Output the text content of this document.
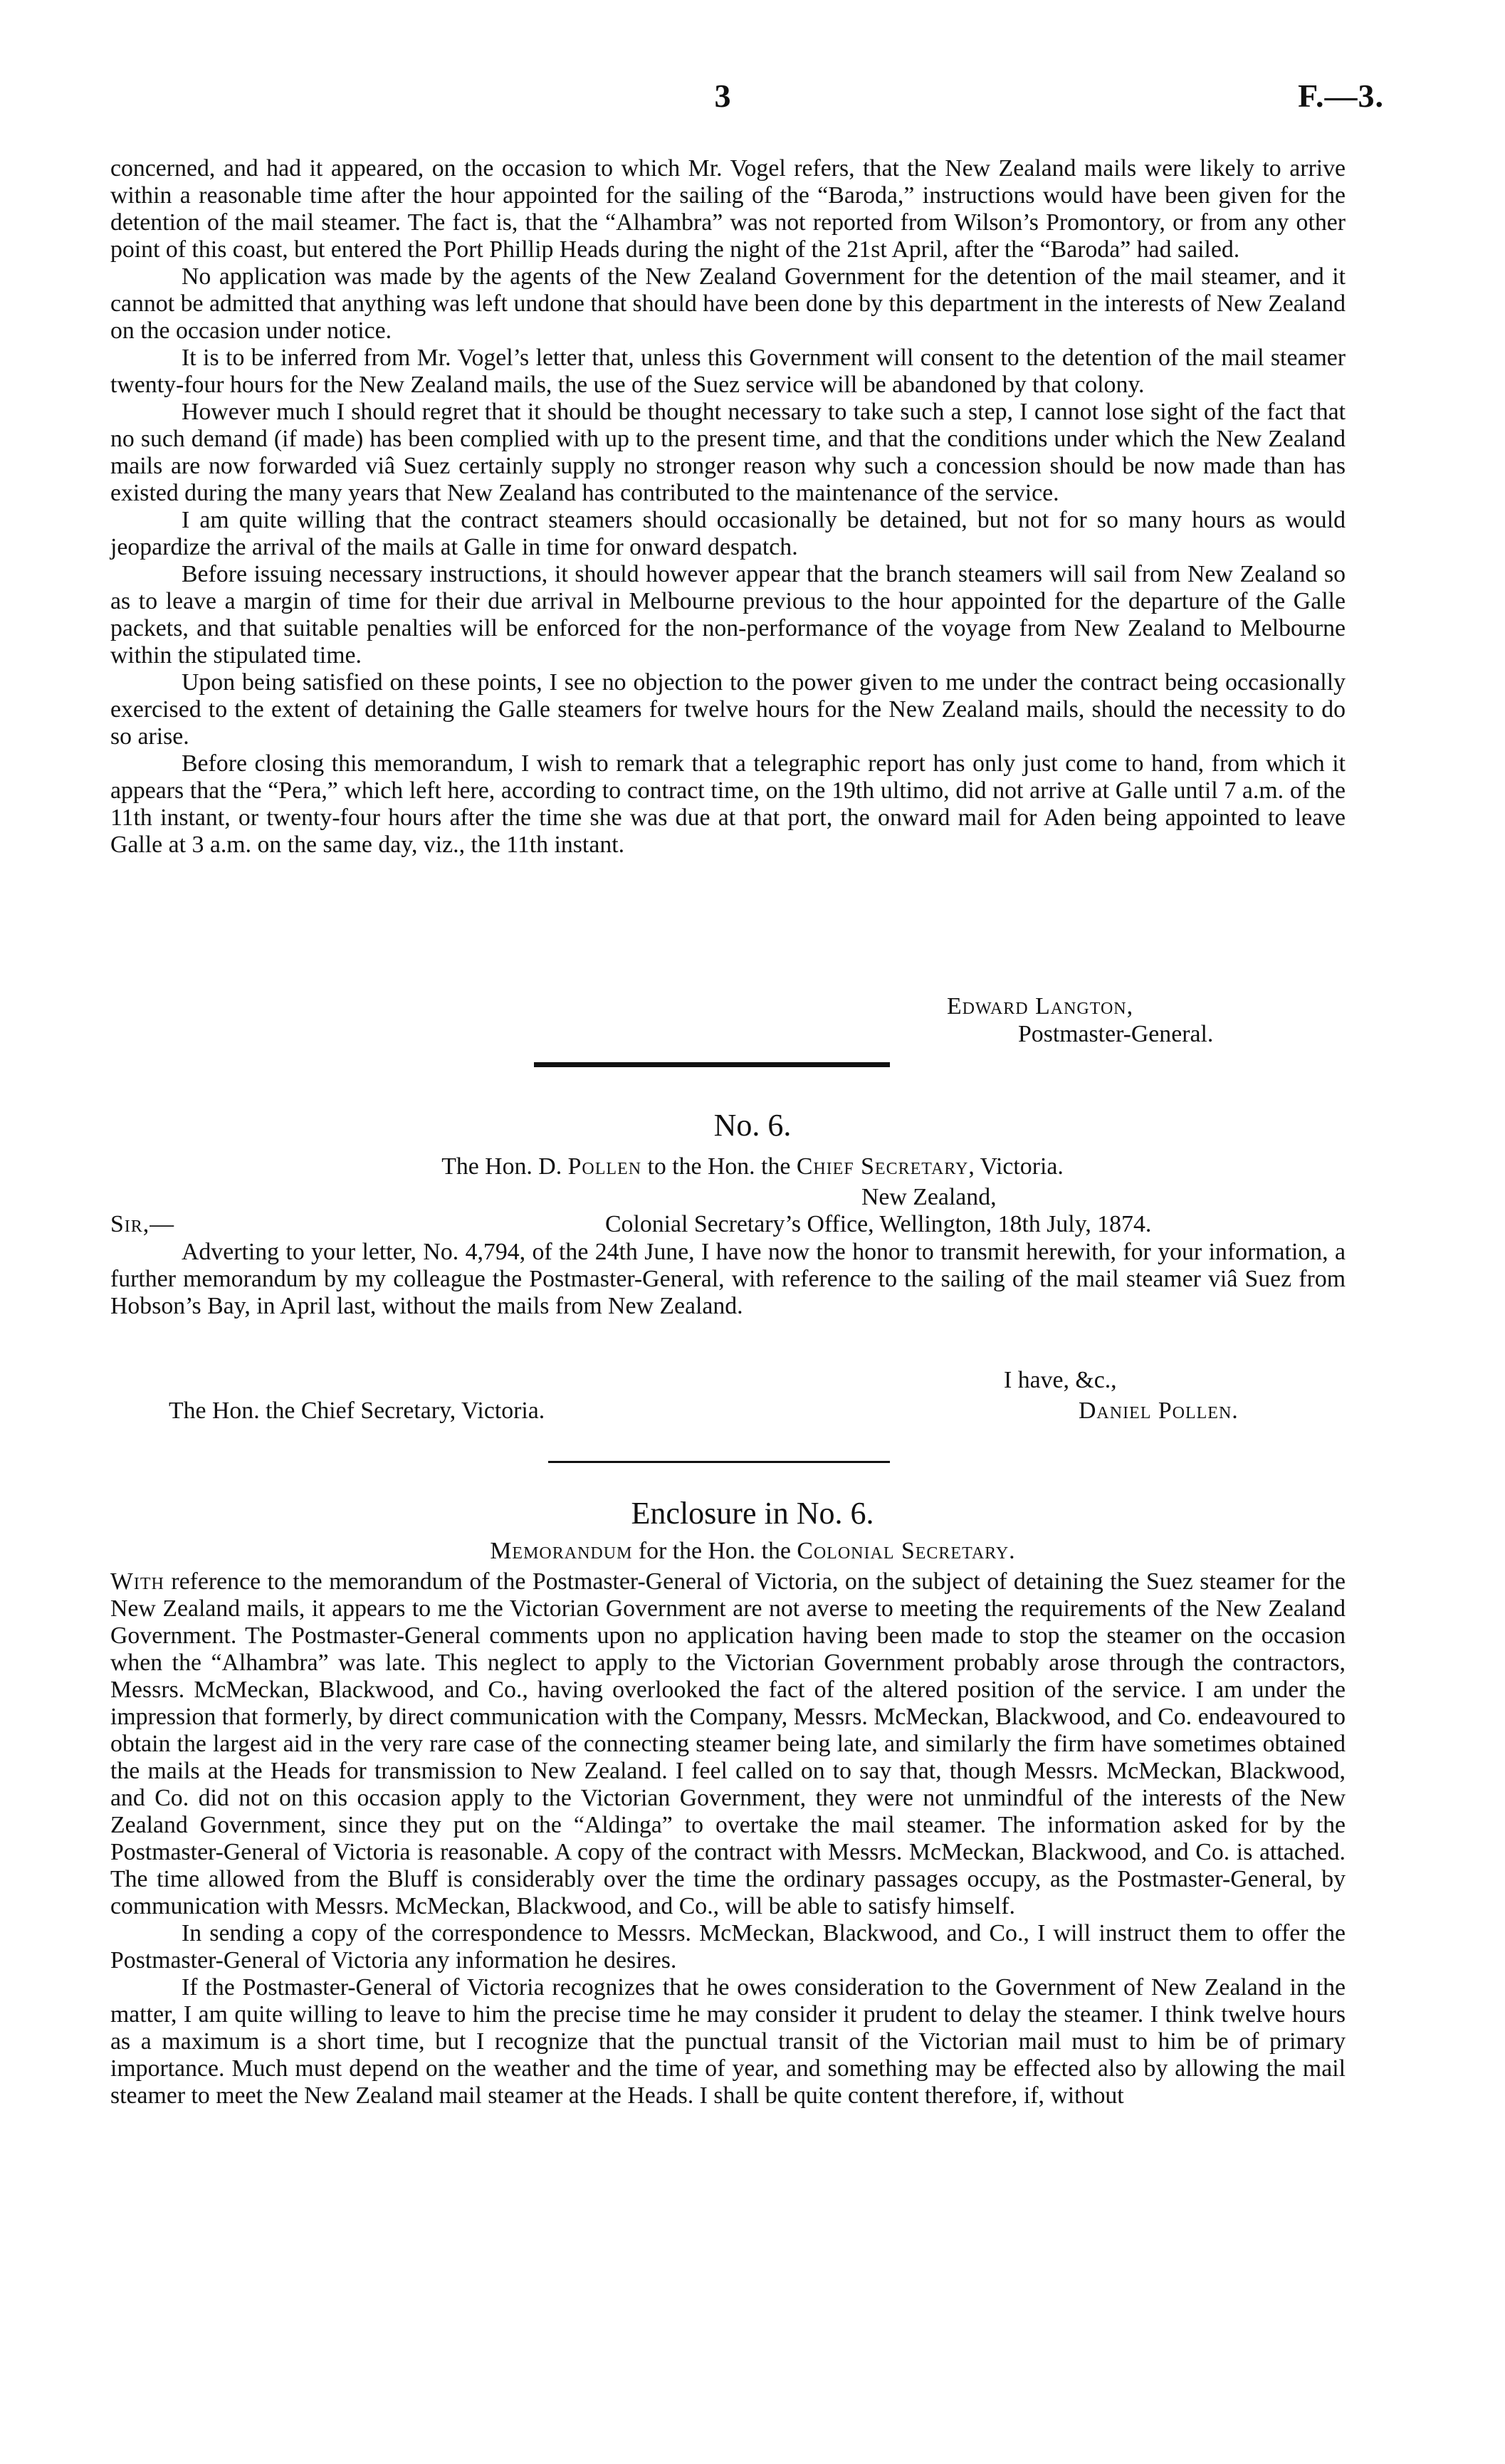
3	F.—3.

concerned, and had it appeared, on the occasion to which Mr. Vogel refers, that the New Zealand mails were likely to arrive within a reasonable time after the hour appointed for the sailing of the “Baroda,” instructions would have been given for the detention of the mail steamer. The fact is, that the “Alhambra” was not reported from Wilson’s Promontory, or from any other point of this coast, but entered the Port Phillip Heads during the night of the 21st April, after the “Baroda” had sailed.

No application was made by the agents of the New Zealand Government for the detention of the mail steamer, and it cannot be admitted that anything was left undone that should have been done by this department in the interests of New Zealand on the occasion under notice.

It is to be inferred from Mr. Vogel’s letter that, unless this Government will consent to the detention of the mail steamer twenty-four hours for the New Zealand mails, the use of the Suez service will be abandoned by that colony.

However much I should regret that it should be thought necessary to take such a step, I cannot lose sight of the fact that no such demand (if made) has been complied with up to the present time, and that the conditions under which the New Zealand mails are now forwarded viâ Suez certainly supply no stronger reason why such a concession should be now made than has existed during the many years that New Zealand has contributed to the maintenance of the service.

I am quite willing that the contract steamers should occasionally be detained, but not for so many hours as would jeopardize the arrival of the mails at Galle in time for onward despatch.

Before issuing necessary instructions, it should however appear that the branch steamers will sail from New Zealand so as to leave a margin of time for their due arrival in Melbourne previous to the hour appointed for the departure of the Galle packets, and that suitable penalties will be enforced for the non-performance of the voyage from New Zealand to Melbourne within the stipulated time.

Upon being satisfied on these points, I see no objection to the power given to me under the contract being occasionally exercised to the extent of detaining the Galle steamers for twelve hours for the New Zealand mails, should the necessity to do so arise.

Before closing this memorandum, I wish to remark that a telegraphic report has only just come to hand, from which it appears that the “Pera,” which left here, according to contract time, on the 19th ultimo, did not arrive at Galle until 7 a.m. of the 11th instant, or twenty-four hours after the time she was due at that port, the onward mail for Aden being appointed to leave Galle at 3 a.m. on the same day, viz., the 11th instant.

Edward Langton,
Postmaster-General.
No. 6.
The Hon. D. Pollen to the Hon. the Chief Secretary, Victoria.
New Zealand,
Sir,—	Colonial Secretary’s Office, Wellington, 18th July, 1874.

Adverting to your letter, No. 4,794, of the 24th June, I have now the honor to transmit herewith, for your information, a further memorandum by my colleague the Postmaster-General, with reference to the sailing of the mail steamer viâ Suez from Hobson’s Bay, in April last, without the mails from New Zealand.

I have, &c.,
The Hon. the Chief Secretary, Victoria.	Daniel Pollen.
Enclosure in No. 6.
Memorandum for the Hon. the Colonial Secretary.

With reference to the memorandum of the Postmaster-General of Victoria, on the subject of detaining the Suez steamer for the New Zealand mails, it appears to me the Victorian Government are not averse to meeting the requirements of the New Zealand Government. The Postmaster-General comments upon no application having been made to stop the steamer on the occasion when the “Alhambra” was late. This neglect to apply to the Victorian Government probably arose through the contractors, Messrs. McMeckan, Blackwood, and Co., having overlooked the fact of the altered position of the service. I am under the impression that formerly, by direct communication with the Company, Messrs. McMeckan, Blackwood, and Co. endeavoured to obtain the largest aid in the very rare case of the connecting steamer being late, and similarly the firm have sometimes obtained the mails at the Heads for transmission to New Zealand. I feel called on to say that, though Messrs. McMeckan, Blackwood, and Co. did not on this occasion apply to the Victorian Government, they were not unmindful of the interests of the New Zealand Government, since they put on the “Aldinga” to overtake the mail steamer. The information asked for by the Postmaster-General of Victoria is reasonable. A copy of the contract with Messrs. McMeckan, Blackwood, and Co. is attached. The time allowed from the Bluff is considerably over the time the ordinary passages occupy, as the Postmaster-General, by communication with Messrs. McMeckan, Blackwood, and Co., will be able to satisfy himself.

In sending a copy of the correspondence to Messrs. McMeckan, Blackwood, and Co., I will instruct them to offer the Postmaster-General of Victoria any information he desires.

If the Postmaster-General of Victoria recognizes that he owes consideration to the Government of New Zealand in the matter, I am quite willing to leave to him the precise time he may consider it prudent to delay the steamer. I think twelve hours as a maximum is a short time, but I recognize that the punctual transit of the Victorian mail must to him be of primary importance. Much must depend on the weather and the time of year, and something may be effected also by allowing the mail steamer to meet the New Zealand mail steamer at the Heads. I shall be quite content therefore, if, without
